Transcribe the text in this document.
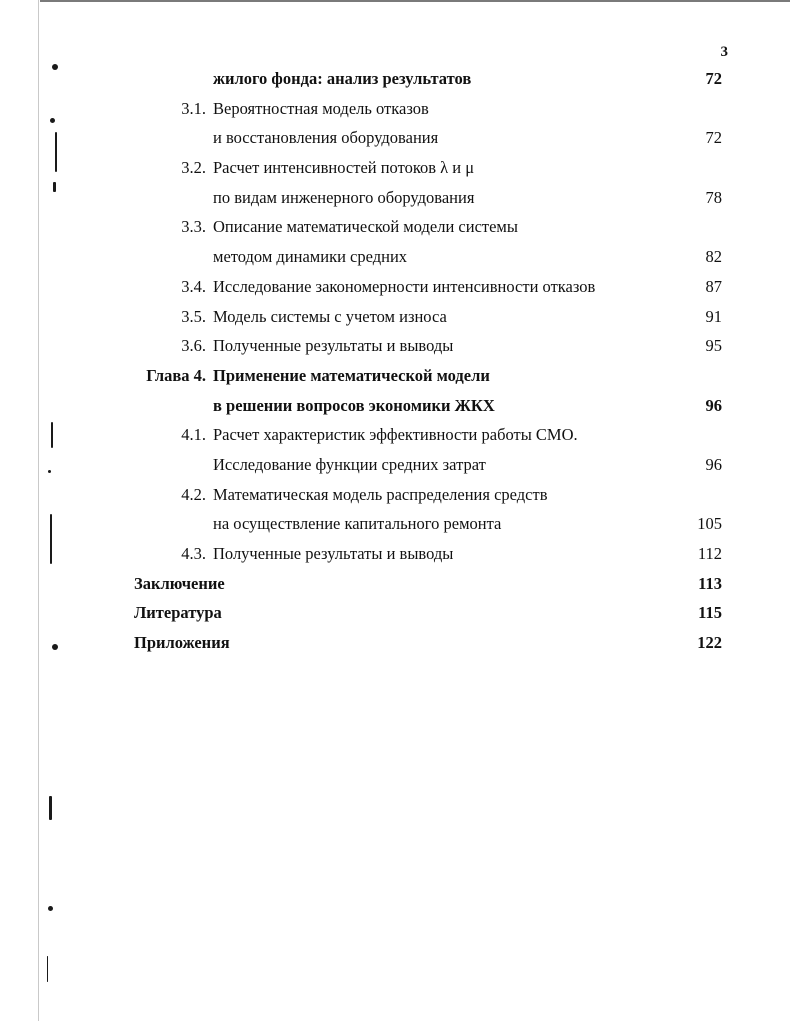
3
жилого фонда: анализ результатов	72
3.1. Вероятностная модель отказов
и восстановления оборудования	72
3.2. Расчет интенсивностей потоков λ и μ
по видам инженерного оборудования	78
3.3. Описание математической модели системы
методом динамики средних	82
3.4. Исследование закономерности интенсивности отказов	87
3.5. Модель системы с учетом износа	91
3.6. Полученные результаты и выводы	95
Глава 4. Применение математической модели
в решении вопросов экономики ЖКХ	96
4.1. Расчет характеристик эффективности работы СМО.
Исследование функции средних затрат	96
4.2. Математическая модель распределения средств
на осуществление капитального ремонта	105
4.3. Полученные результаты и выводы	112
Заключение	113
Литература	115
Приложения	122
